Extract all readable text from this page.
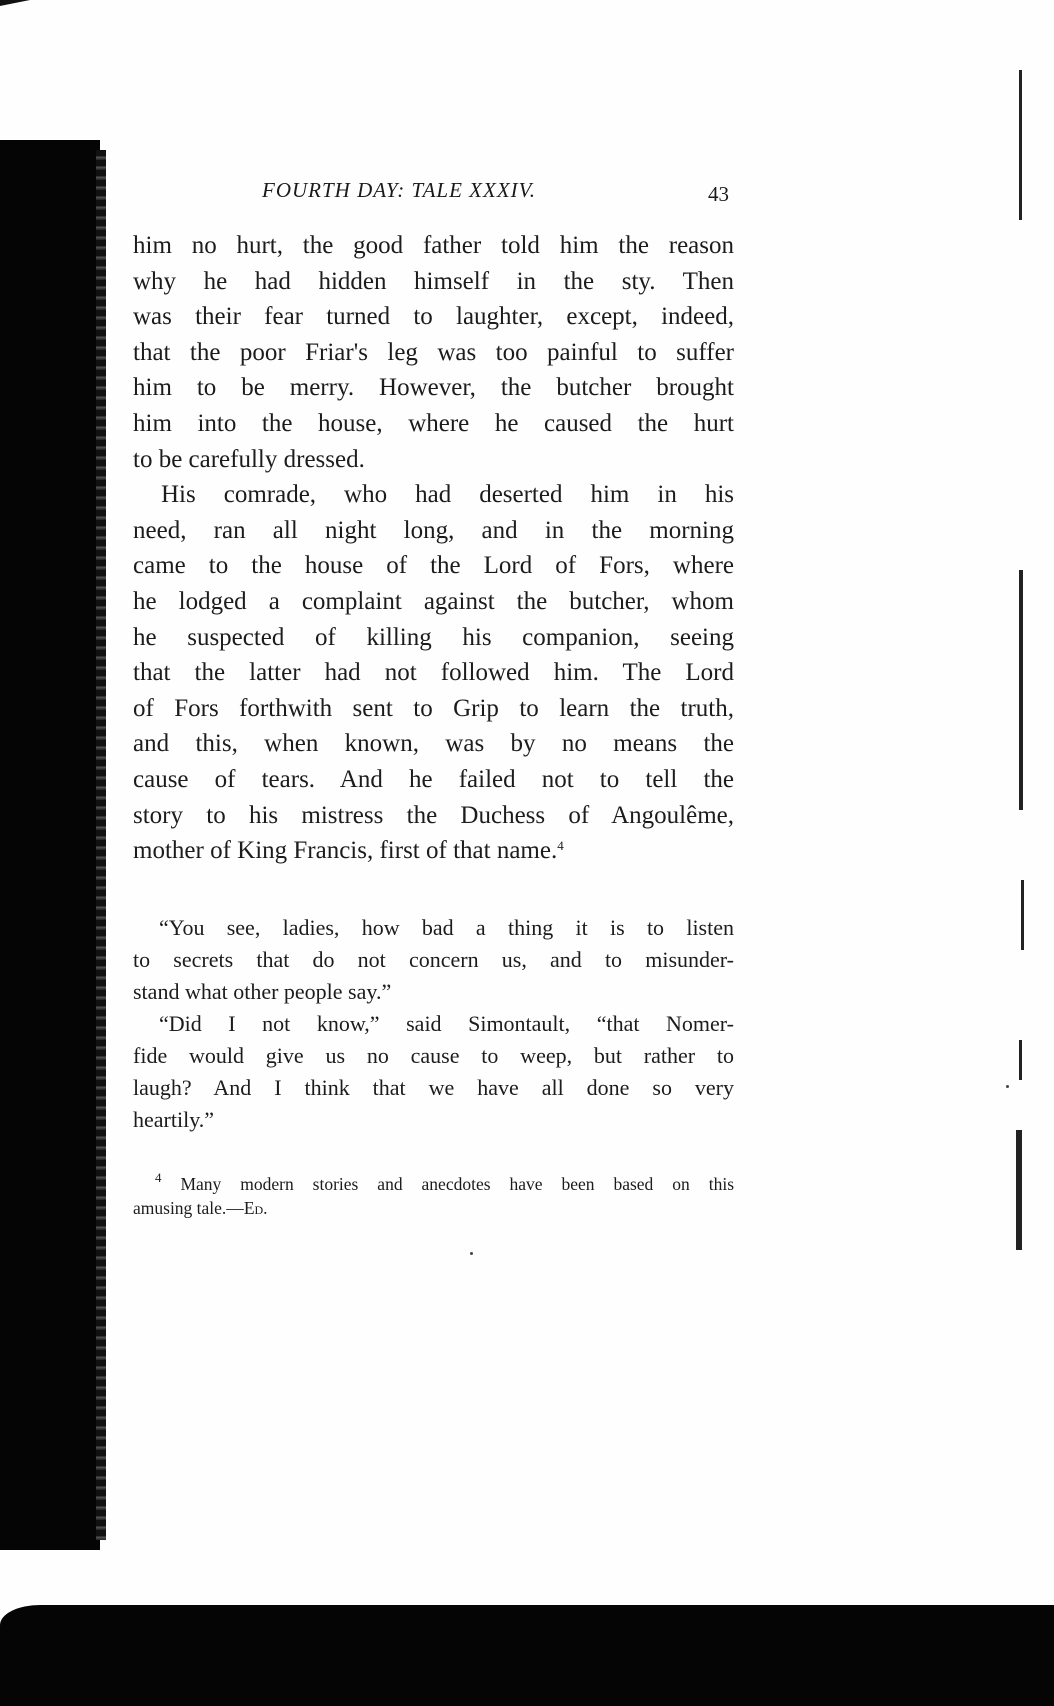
FOURTH DAY: TALE XXXIV.	43

him no hurt, the good father told him the reason
why he had hidden himself in the sty. Then
was their fear turned to laughter, except, indeed,
that the poor Friar's leg was too painful to suffer
him to be merry. However, the butcher brought
him into the house, where he caused the hurt
to be carefully dressed.

His comrade, who had deserted him in his
need, ran all night long, and in the morning
came to the house of the Lord of Fors, where
he lodged a complaint against the butcher, whom
he suspected of killing his companion, seeing
that the latter had not followed him. The Lord
of Fors forthwith sent to Grip to learn the truth,
and this, when known, was by no means the
cause of tears. And he failed not to tell the
story to his mistress the Duchess of Angoulême,
mother of King Francis, first of that name.$^4$

“You see, ladies, how bad a thing it is to listen
to secrets that do not concern us, and to misunder-
stand what other people say.”

“Did I not know,” said Simontault, “that Nomer-
fide would give us no cause to weep, but rather to
laugh? And I think that we have all done so very
heartily.”

$^4$ Many modern stories and anecdotes have been based on this
amusing tale.—Ed.
